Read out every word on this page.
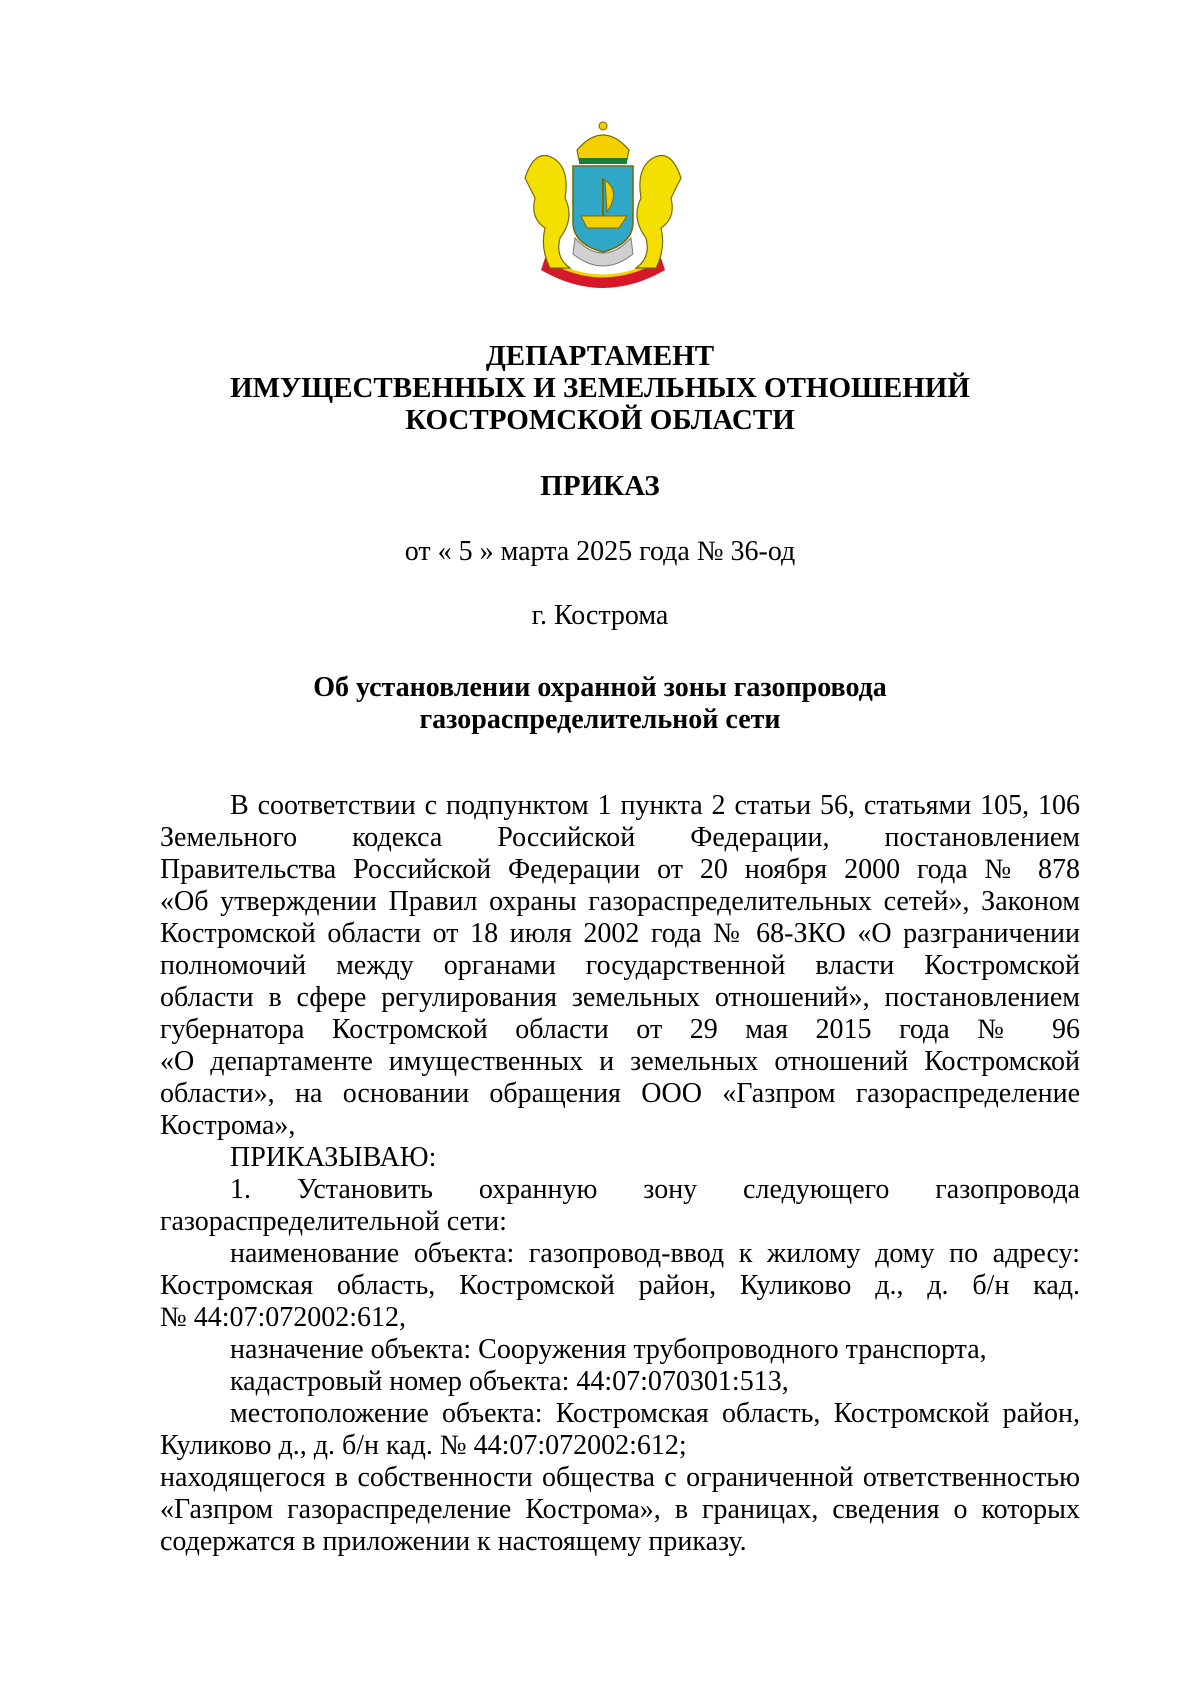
ДЕПАРТАМЕНТ
ИМУЩЕСТВЕННЫХ И ЗЕМЕЛЬНЫХ ОТНОШЕНИЙ
КОСТРОМСКОЙ ОБЛАСТИ
ПРИКАЗ
от « 5 » марта 2025 года № 36-од
г. Кострома
Об установлении охранной зоны газопровода
газораспределительной сети
В соответствии с подпунктом 1 пункта 2 статьи 56, статьями 105, 106
Земельного кодекса Российской Федерации, постановлением
Правительства Российской Федерации от 20 ноября 2000 года № 878
«Об утверждении Правил охраны газораспределительных сетей», Законом
Костромской области от 18 июля 2002 года № 68-ЗКО «О разграничении
полномочий между органами государственной власти Костромской
области в сфере регулирования земельных отношений», постановлением
губернатора Костромской области от 29 мая 2015 года № 96
«О департаменте имущественных и земельных отношений Костромской
области», на основании обращения ООО «Газпром газораспределение
Кострома»,
ПРИКАЗЫВАЮ:
1. Установить охранную зону следующего газопровода
газораспределительной сети:
наименование объекта: газопровод-ввод к жилому дому по адресу:
Костромская область, Костромской район, Куликово д., д. б/н кад.
№ 44:07:072002:612,
назначение объекта: Сооружения трубопроводного транспорта,
кадастровый номер объекта: 44:07:070301:513,
местоположение объекта: Костромская область, Костромской район,
Куликово д., д. б/н кад. № 44:07:072002:612;
находящегося в собственности общества с ограниченной ответственностью
«Газпром газораспределение Кострома», в границах, сведения о которых
содержатся в приложении к настоящему приказу.
